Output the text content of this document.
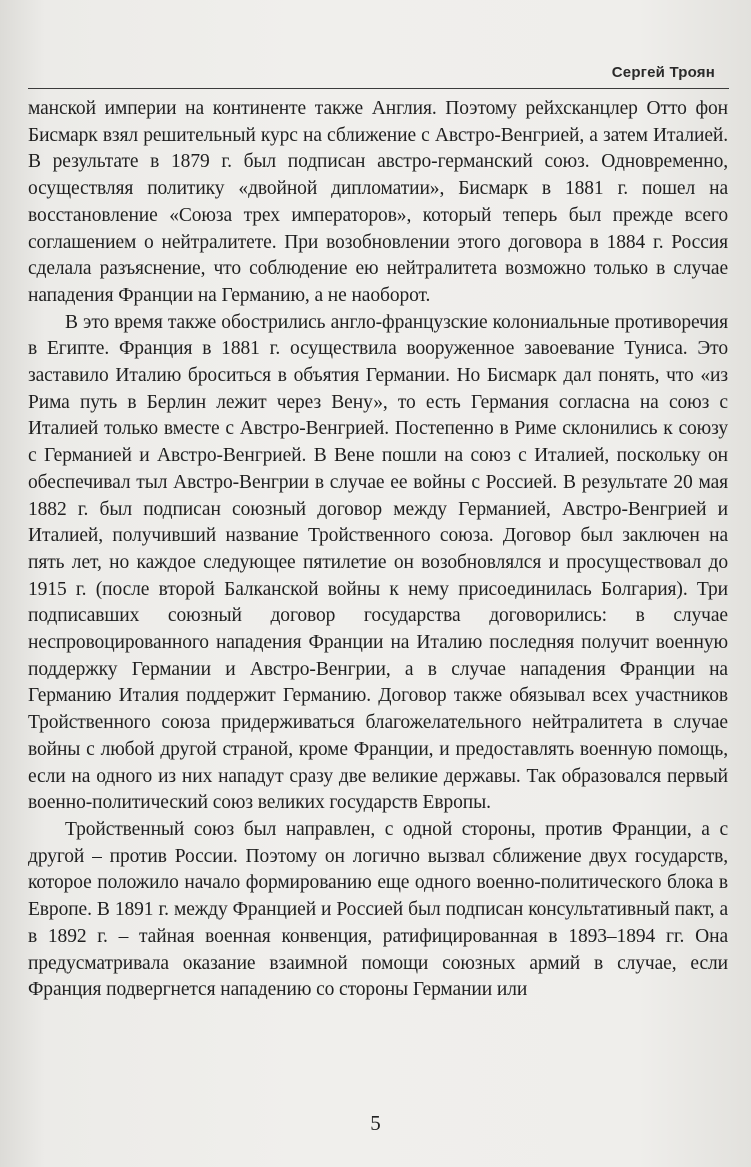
Сергей Троян

манской империи на континенте также Англия. Поэтому рейхсканцлер Отто фон Бисмарк взял решительный курс на сближение с Австро-Венгрией, а затем Италией. В результате в 1879 г. был подписан австро-германский союз. Одновременно, осуществляя политику «двойной дипломатии», Бисмарк в 1881 г. пошел на восстановление «Союза трех императоров», который теперь был прежде всего соглашением о нейтралитете. При возобновлении этого договора в 1884 г. Россия сделала разъяснение, что соблюдение ею нейтралитета возможно только в случае нападения Франции на Германию, а не наоборот.

В это время также обострились англо-французские колониальные противоречия в Египте. Франция в 1881 г. осуществила вооруженное завоевание Туниса. Это заставило Италию броситься в объятия Германии. Но Бисмарк дал понять, что «из Рима путь в Берлин лежит через Вену», то есть Германия согласна на союз с Италией только вместе с Австро-Венгрией. Постепенно в Риме склонились к союзу с Германией и Австро-Венгрией. В Вене пошли на союз с Италией, поскольку он обеспечивал тыл Австро-Венгрии в случае ее войны с Россией. В результате 20 мая 1882 г. был подписан союзный договор между Германией, Австро-Венгрией и Италией, получивший название Тройственного союза. Договор был заключен на пять лет, но каждое следующее пятилетие он возобновлялся и просуществовал до 1915 г. (после второй Балканской войны к нему присоединилась Болгария). Три подписавших союзный договор государства договорились: в случае неспровоцированного нападения Франции на Италию последняя получит военную поддержку Германии и Австро-Венгрии, а в случае нападения Франции на Германию Италия поддержит Германию. Договор также обязывал всех участников Тройственного союза придерживаться благожелательного нейтралитета в случае войны с любой другой страной, кроме Франции, и предоставлять военную помощь, если на одного из них нападут сразу две великие державы. Так образовался первый военно-политический союз великих государств Европы.

Тройственный союз был направлен, с одной стороны, против Франции, а с другой – против России. Поэтому он логично вызвал сближение двух государств, которое положило начало формированию еще одного военно-политического блока в Европе. В 1891 г. между Францией и Россией был подписан консультативный пакт, а в 1892 г. – тайная военная конвенция, ратифицированная в 1893–1894 гг. Она предусматривала оказание взаимной помощи союзных армий в случае, если Франция подвергнется нападению со стороны Германии или

5
